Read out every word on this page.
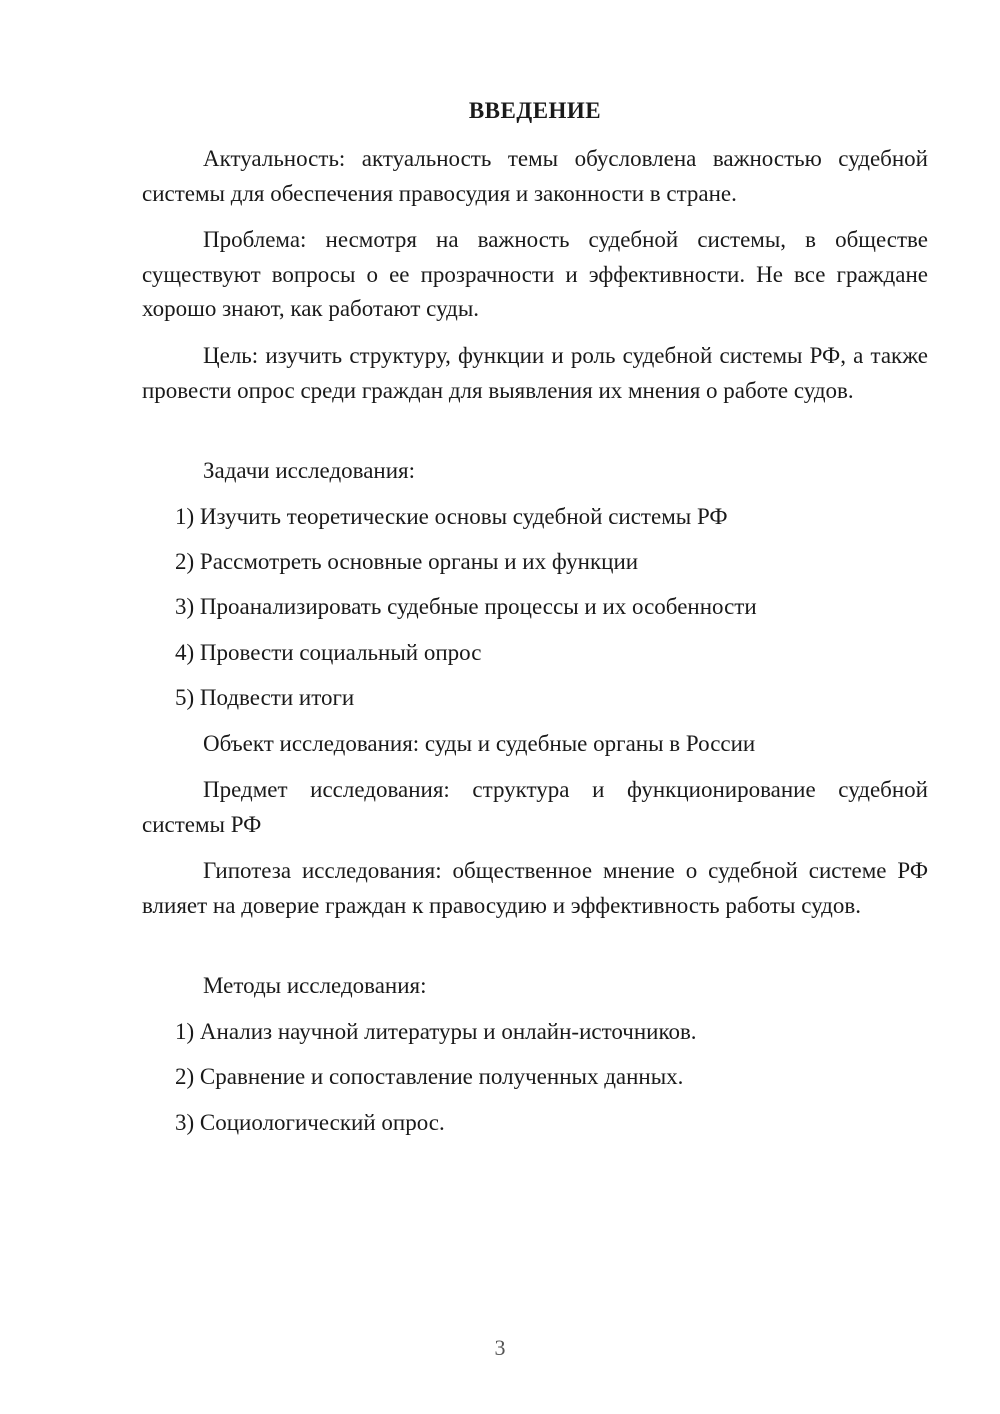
ВВЕДЕНИЕ

Актуальность: актуальность темы обусловлена важностью судебной системы для обеспечения правосудия и законности в стране.

Проблема: несмотря на важность судебной системы, в обществе существуют вопросы о ее прозрачности и эффективности. Не все граждане хорошо знают, как работают суды.

Цель: изучить структуру, функции и роль судебной системы РФ, а также провести опрос среди граждан для выявления их мнения о работе судов.

Задачи исследования:

1) Изучить теоретические основы судебной системы РФ

2) Рассмотреть основные органы и их функции

3) Проанализировать судебные процессы и их особенности

4) Провести социальный опрос

5) Подвести итоги

Объект исследования: суды и судебные органы в России

Предмет исследования: структура и функционирование судебной системы РФ

Гипотеза исследования: общественное мнение о судебной системе РФ влияет на доверие граждан к правосудию и эффективность работы судов.

Методы исследования:

1) Анализ научной литературы и онлайн-источников.

2) Сравнение и сопоставление полученных данных.

3) Социологический опрос.

3
